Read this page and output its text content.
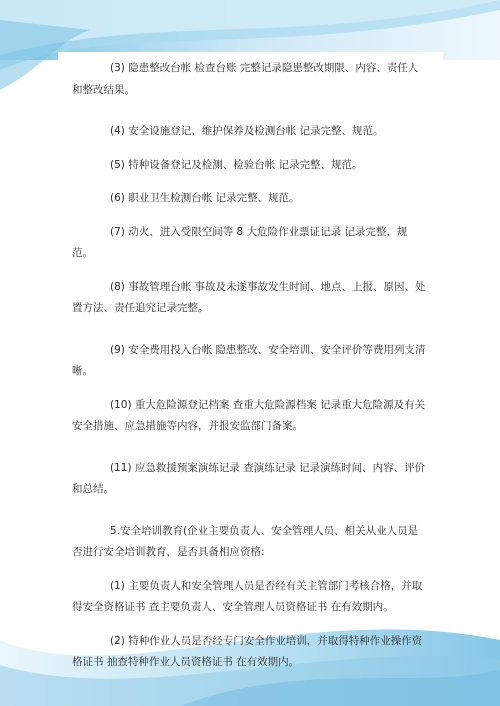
(3) 隐患整改台帐 检查台账 完整记录隐患整改期限、内容、责任人和整改结果。

(4) 安全设施登记、维护保养及检测台帐 记录完整、规范。

(5) 特种设备登记及检测、检验台帐 记录完整、规范。

(6) 职业卫生检测台帐 记录完整、规范。

(7) 动火、进入受限空间等 8 大危险作业票证记录 记录完整、规范。

(8) 事故管理台帐 事故及未遂事故发生时间、地点、上报、原因、处置方法、责任追究记录完整。

(9) 安全费用投入台帐 隐患整改、安全培训、安全评价等费用列支清晰。

(10) 重大危险源登记档案 查重大危险源档案 记录重大危险源及有关安全措施、应急措施等内容，并报安监部门备案。

(11) 应急救援预案演练记录 查演练记录 记录演练时间、内容、评价和总结。

5.安全培训教育(企业主要负责人、安全管理人员、相关从业人员是否进行安全培训教育，是否具备相应资格:

(1) 主要负责人和安全管理人员是否经有关主管部门考核合格，并取得安全资格证书 查主要负责人、安全管理人员资格证书 在有效期内。

(2) 特种作业人员是否经专门安全作业培训，并取得特种作业操作资格证书 抽查特种作业人员资格证书 在有效期内。
